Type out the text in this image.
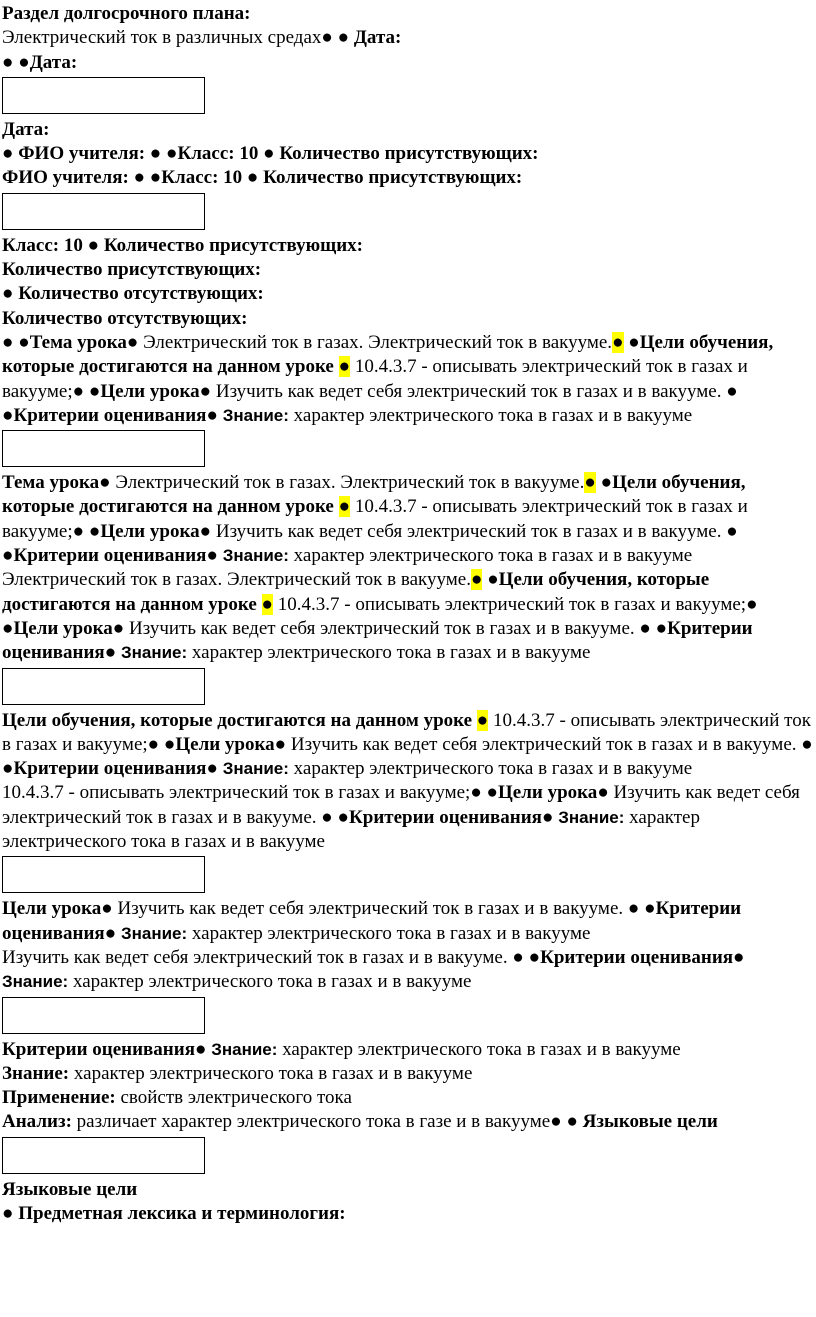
Раздел долгосрочного плана:
Электрический ток в различных средах● ● Дата:
● ●Дата:
Дата:
● ФИО учителя: ● ●Класс: 10 ● Количество присутствующих:
ФИО учителя: ● ●Класс: 10 ● Количество присутствующих:
Класс: 10 ● Количество присутствующих:
Количество присутствующих:
● Количество отсутствующих:
Количество отсутствующих:
● ●Тема урока● Электрический ток в газах. Электрический ток в вакууме.● ●Цели обучения, которые достигаются на данном уроке ● 10.4.3.7 - описывать электрический ток в газах и вакууме;● ●Цели урока● Изучить как ведет себя электрический ток в газах и в вакууме. ● ●Критерии оценивания● Знание: характер электрического тока в газах и в вакууме
Тема урока● Электрический ток в газах. Электрический ток в вакууме.● ●Цели обучения, которые достигаются на данном уроке ● 10.4.3.7 - описывать электрический ток в газах и вакууме;● ●Цели урока● Изучить как ведет себя электрический ток в газах и в вакууме. ● ●Критерии оценивания● Знание: характер электрического тока в газах и в вакууме
Электрический ток в газах. Электрический ток в вакууме.● ●Цели обучения, которые достигаются на данном уроке ● 10.4.3.7 - описывать электрический ток в газах и вакууме;● ●Цели урока● Изучить как ведет себя электрический ток в газах и в вакууме. ● ●Критерии оценивания● Знание: характер электрического тока в газах и в вакууме
Цели обучения, которые достигаются на данном уроке ● 10.4.3.7 - описывать электрический ток в газах и вакууме;● ●Цели урока● Изучить как ведет себя электрический ток в газах и в вакууме. ● ●Критерии оценивания● Знание: характер электрического тока в газах и в вакууме
10.4.3.7 - описывать электрический ток в газах и вакууме;● ●Цели урока● Изучить как ведет себя электрический ток в газах и в вакууме. ● ●Критерии оценивания● Знание: характер электрического тока в газах и в вакууме
Цели урока● Изучить как ведет себя электрический ток в газах и в вакууме. ● ●Критерии оценивания● Знание: характер электрического тока в газах и в вакууме
Изучить как ведет себя электрический ток в газах и в вакууме. ● ●Критерии оценивания● Знание: характер электрического тока в газах и в вакууме
Критерии оценивания● Знание: характер электрического тока в газах и в вакууме
Знание: характер электрического тока в газах и в вакууме
Применение: свойств электрического тока
Анализ: различает характер электрического тока в газе и в вакууме● ● Языковые цели
Языковые цели
● Предметная лексика и терминология:
